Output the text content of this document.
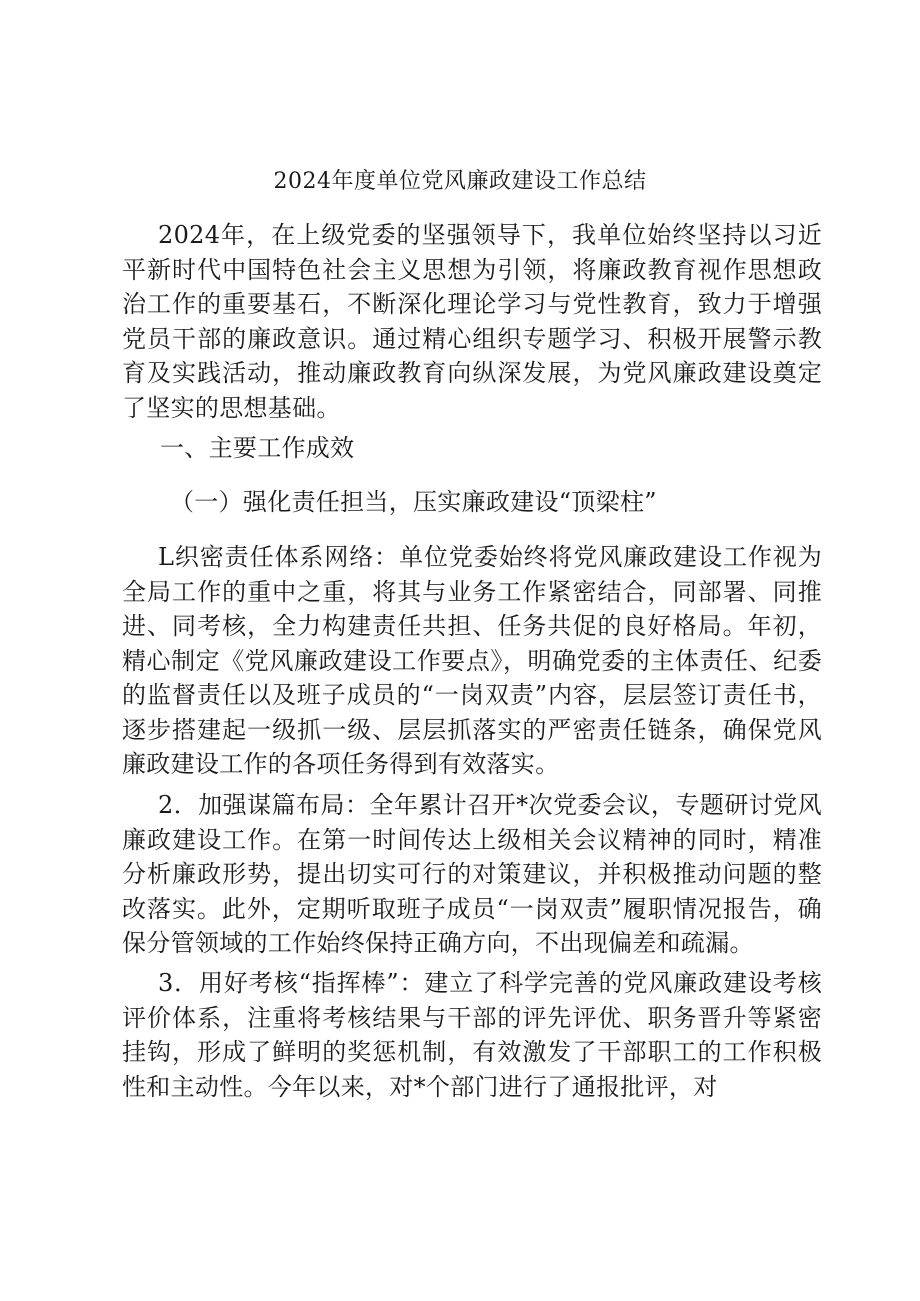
2024年度单位党风廉政建设工作总结

2024年，在上级党委的坚强领导下，我单位始终坚持以习近平新时代中国特色社会主义思想为引领，将廉政教育视作思想政治工作的重要基石，不断深化理论学习与党性教育，致力于增强党员干部的廉政意识。通过精心组织专题学习、积极开展警示教育及实践活动，推动廉政教育向纵深发展，为党风廉政建设奠定了坚实的思想基础。

一、主要工作成效
（一）强化责任担当，压实廉政建设“顶梁柱”

L织密责任体系网络：单位党委始终将党风廉政建设工作视为全局工作的重中之重，将其与业务工作紧密结合，同部署、同推进、同考核，全力构建责任共担、任务共促的良好格局。年初，精心制定《党风廉政建设工作要点》，明确党委的主体责任、纪委的监督责任以及班子成员的“一岗双责”内容，层层签订责任书，逐步搭建起一级抓一级、层层抓落实的严密责任链条，确保党风廉政建设工作的各项任务得到有效落实。

2．加强谋篇布局：全年累计召开*次党委会议，专题研讨党风廉政建设工作。在第一时间传达上级相关会议精神的同时，精准分析廉政形势，提出切实可行的对策建议，并积极推动问题的整改落实。此外，定期听取班子成员“一岗双责”履职情况报告，确保分管领域的工作始终保持正确方向，不出现偏差和疏漏。

3．用好考核“指挥棒”：建立了科学完善的党风廉政建设考核评价体系，注重将考核结果与干部的评先评优、职务晋升等紧密挂钩，形成了鲜明的奖惩机制，有效激发了干部职工的工作积极性和主动性。今年以来，对*个部门进行了通报批评，对
